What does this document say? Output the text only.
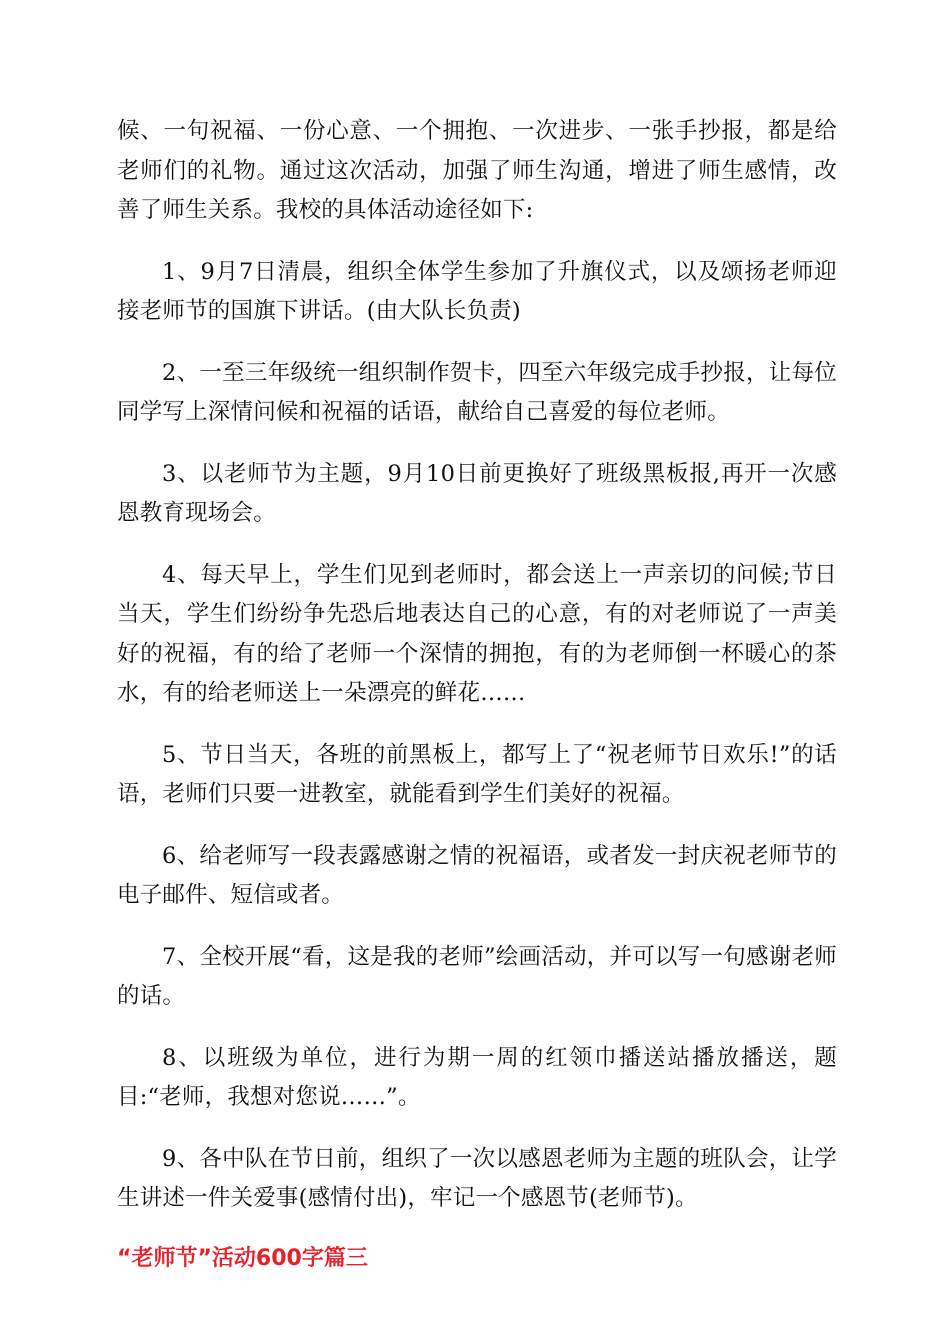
候、一句祝福、一份心意、一个拥抱、一次进步、一张手抄报，都是给老师们的礼物。通过这次活动，加强了师生沟通，增进了师生感情，改善了师生关系。我校的具体活动途径如下:

1、9月7日清晨，组织全体学生参加了升旗仪式，以及颂扬老师迎接老师节的国旗下讲话。(由大队长负责)

2、一至三年级统一组织制作贺卡，四至六年级完成手抄报，让每位同学写上深情问候和祝福的话语，献给自己喜爱的每位老师。

3、以老师节为主题，9月10日前更换好了班级黑板报,再开一次感恩教育现场会。

4、每天早上，学生们见到老师时，都会送上一声亲切的问候;节日当天，学生们纷纷争先恐后地表达自己的心意，有的对老师说了一声美好的祝福，有的给了老师一个深情的拥抱，有的为老师倒一杯暖心的茶水，有的给老师送上一朵漂亮的鲜花……

5、节日当天，各班的前黑板上，都写上了“祝老师节日欢乐!”的话语，老师们只要一进教室，就能看到学生们美好的祝福。

6、给老师写一段表露感谢之情的祝福语，或者发一封庆祝老师节的电子邮件、短信或者。

7、全校开展“看，这是我的老师”绘画活动，并可以写一句感谢老师的话。

8、以班级为单位，进行为期一周的红领巾播送站播放播送，题目:“老师，我想对您说……”。

9、各中队在节日前，组织了一次以感恩老师为主题的班队会，让学生讲述一件关爱事(感情付出)，牢记一个感恩节(老师节)。

“老师节”活动600字篇三
